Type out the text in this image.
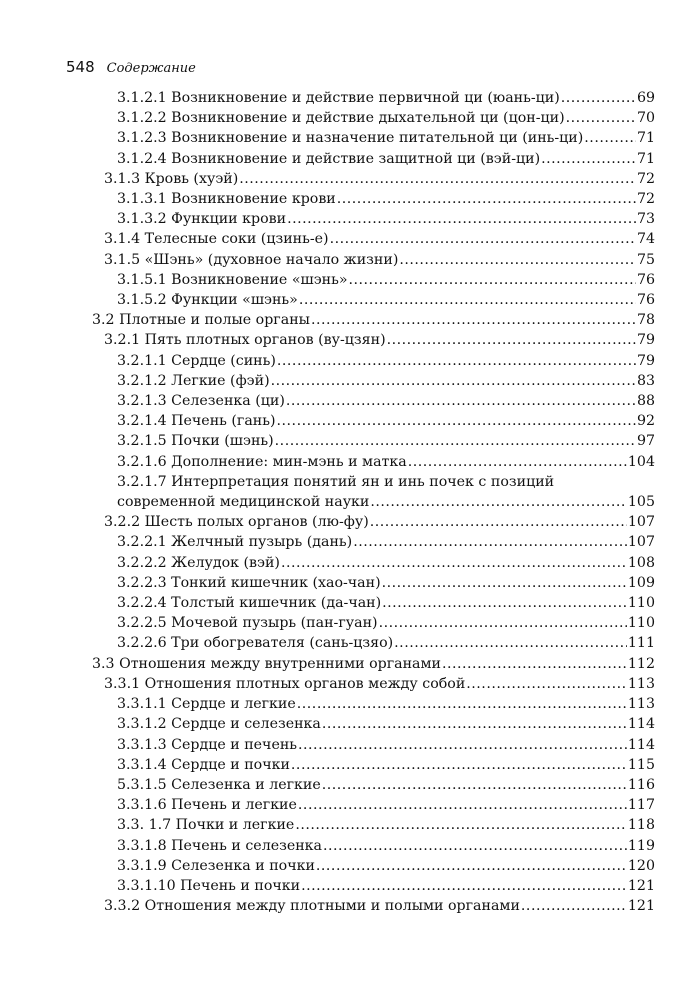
548 Содержание
3.1.2.1 Возникновение и действие первичной ци (юань-ци) .....	69
3.1.2.2 Возникновение и действие дыхательной ци (цон-ци) .....	70
3.1.2.3 Возникновение и назначение питательной ци (инь-ци) .....	71
3.1.2.4 Возникновение и действие защитной ци (вэй-ци) .....	71
3.1.3 Кровь (хуэй) .....	72
3.1.3.1 Возникновение крови .....	72
3.1.3.2 Функции крови .....	73
3.1.4 Телесные соки (цзинь-е) .....	74
3.1.5 «Шэнь» (духовное начало жизни) .....	75
3.1.5.1 Возникновение «шэнь» .....	76
3.1.5.2 Функции «шэнь» .....	76
3.2 Плотные и полые органы .....	78
3.2.1 Пять плотных органов (ву-цзян) .....	79
3.2.1.1 Сердце (синь) .....	79
3.2.1.2 Легкие (фэй) .....	83
3.2.1.3 Селезенка (ци) .....	88
3.2.1.4 Печень (гань) .....	92
3.2.1.5 Почки (шэнь) .....	97
3.2.1.6 Дополнение: мин-мэнь и матка .....	104
3.2.1.7 Интерпретация понятий ян и инь почек с позиций
современной медицинской науки .....	105
3.2.2 Шесть полых органов (лю-фу) .....	107
3.2.2.1 Желчный пузырь (дань) .....	107
3.2.2.2 Желудок (вэй) .....	108
3.2.2.3 Тонкий кишечник (хао-чан) .....	109
3.2.2.4 Толстый кишечник (да-чан) .....	110
3.2.2.5 Мочевой пузырь (пан-гуан) .....	110
3.2.2.6 Три обогревателя (сань-цзяо) .....	111
3.3 Отношения между внутренними органами .....	112
3.3.1 Отношения плотных органов между собой .....	113
3.3.1.1 Сердце и легкие .....	113
3.3.1.2 Сердце и селезенка .....	114
3.3.1.3 Сердце и печень .....	114
3.3.1.4 Сердце и почки .....	115
5.3.1.5 Селезенка и легкие .....	116
3.3.1.6 Печень и легкие .....	117
3.3. 1.7 Почки и легкие .....	118
3.3.1.8 Печень и селезенка .....	119
3.3.1.9 Селезенка и почки .....	120
3.3.1.10 Печень и почки .....	121
3.3.2 Отношения между плотными и полыми органами .....	121
